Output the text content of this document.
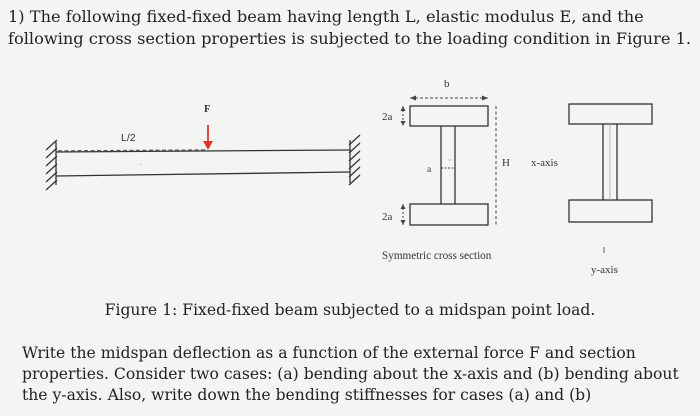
1) The following fixed-fixed beam having length L, elastic modulus E, and the following cross section properties is subjected to the loading condition in Figure 1.

L/2
F
.
b
2a
a
H x-axis
2a
Symmetric cross section
y-axis
Figure 1: Fixed-fixed beam subjected to a midspan point load.

Write the midspan deflection as a function of the external force F and section properties. Consider two cases: (a) bending about the x-axis and (b) bending about the y-axis. Also, write down the bending stiffnesses for cases (a) and (b)
